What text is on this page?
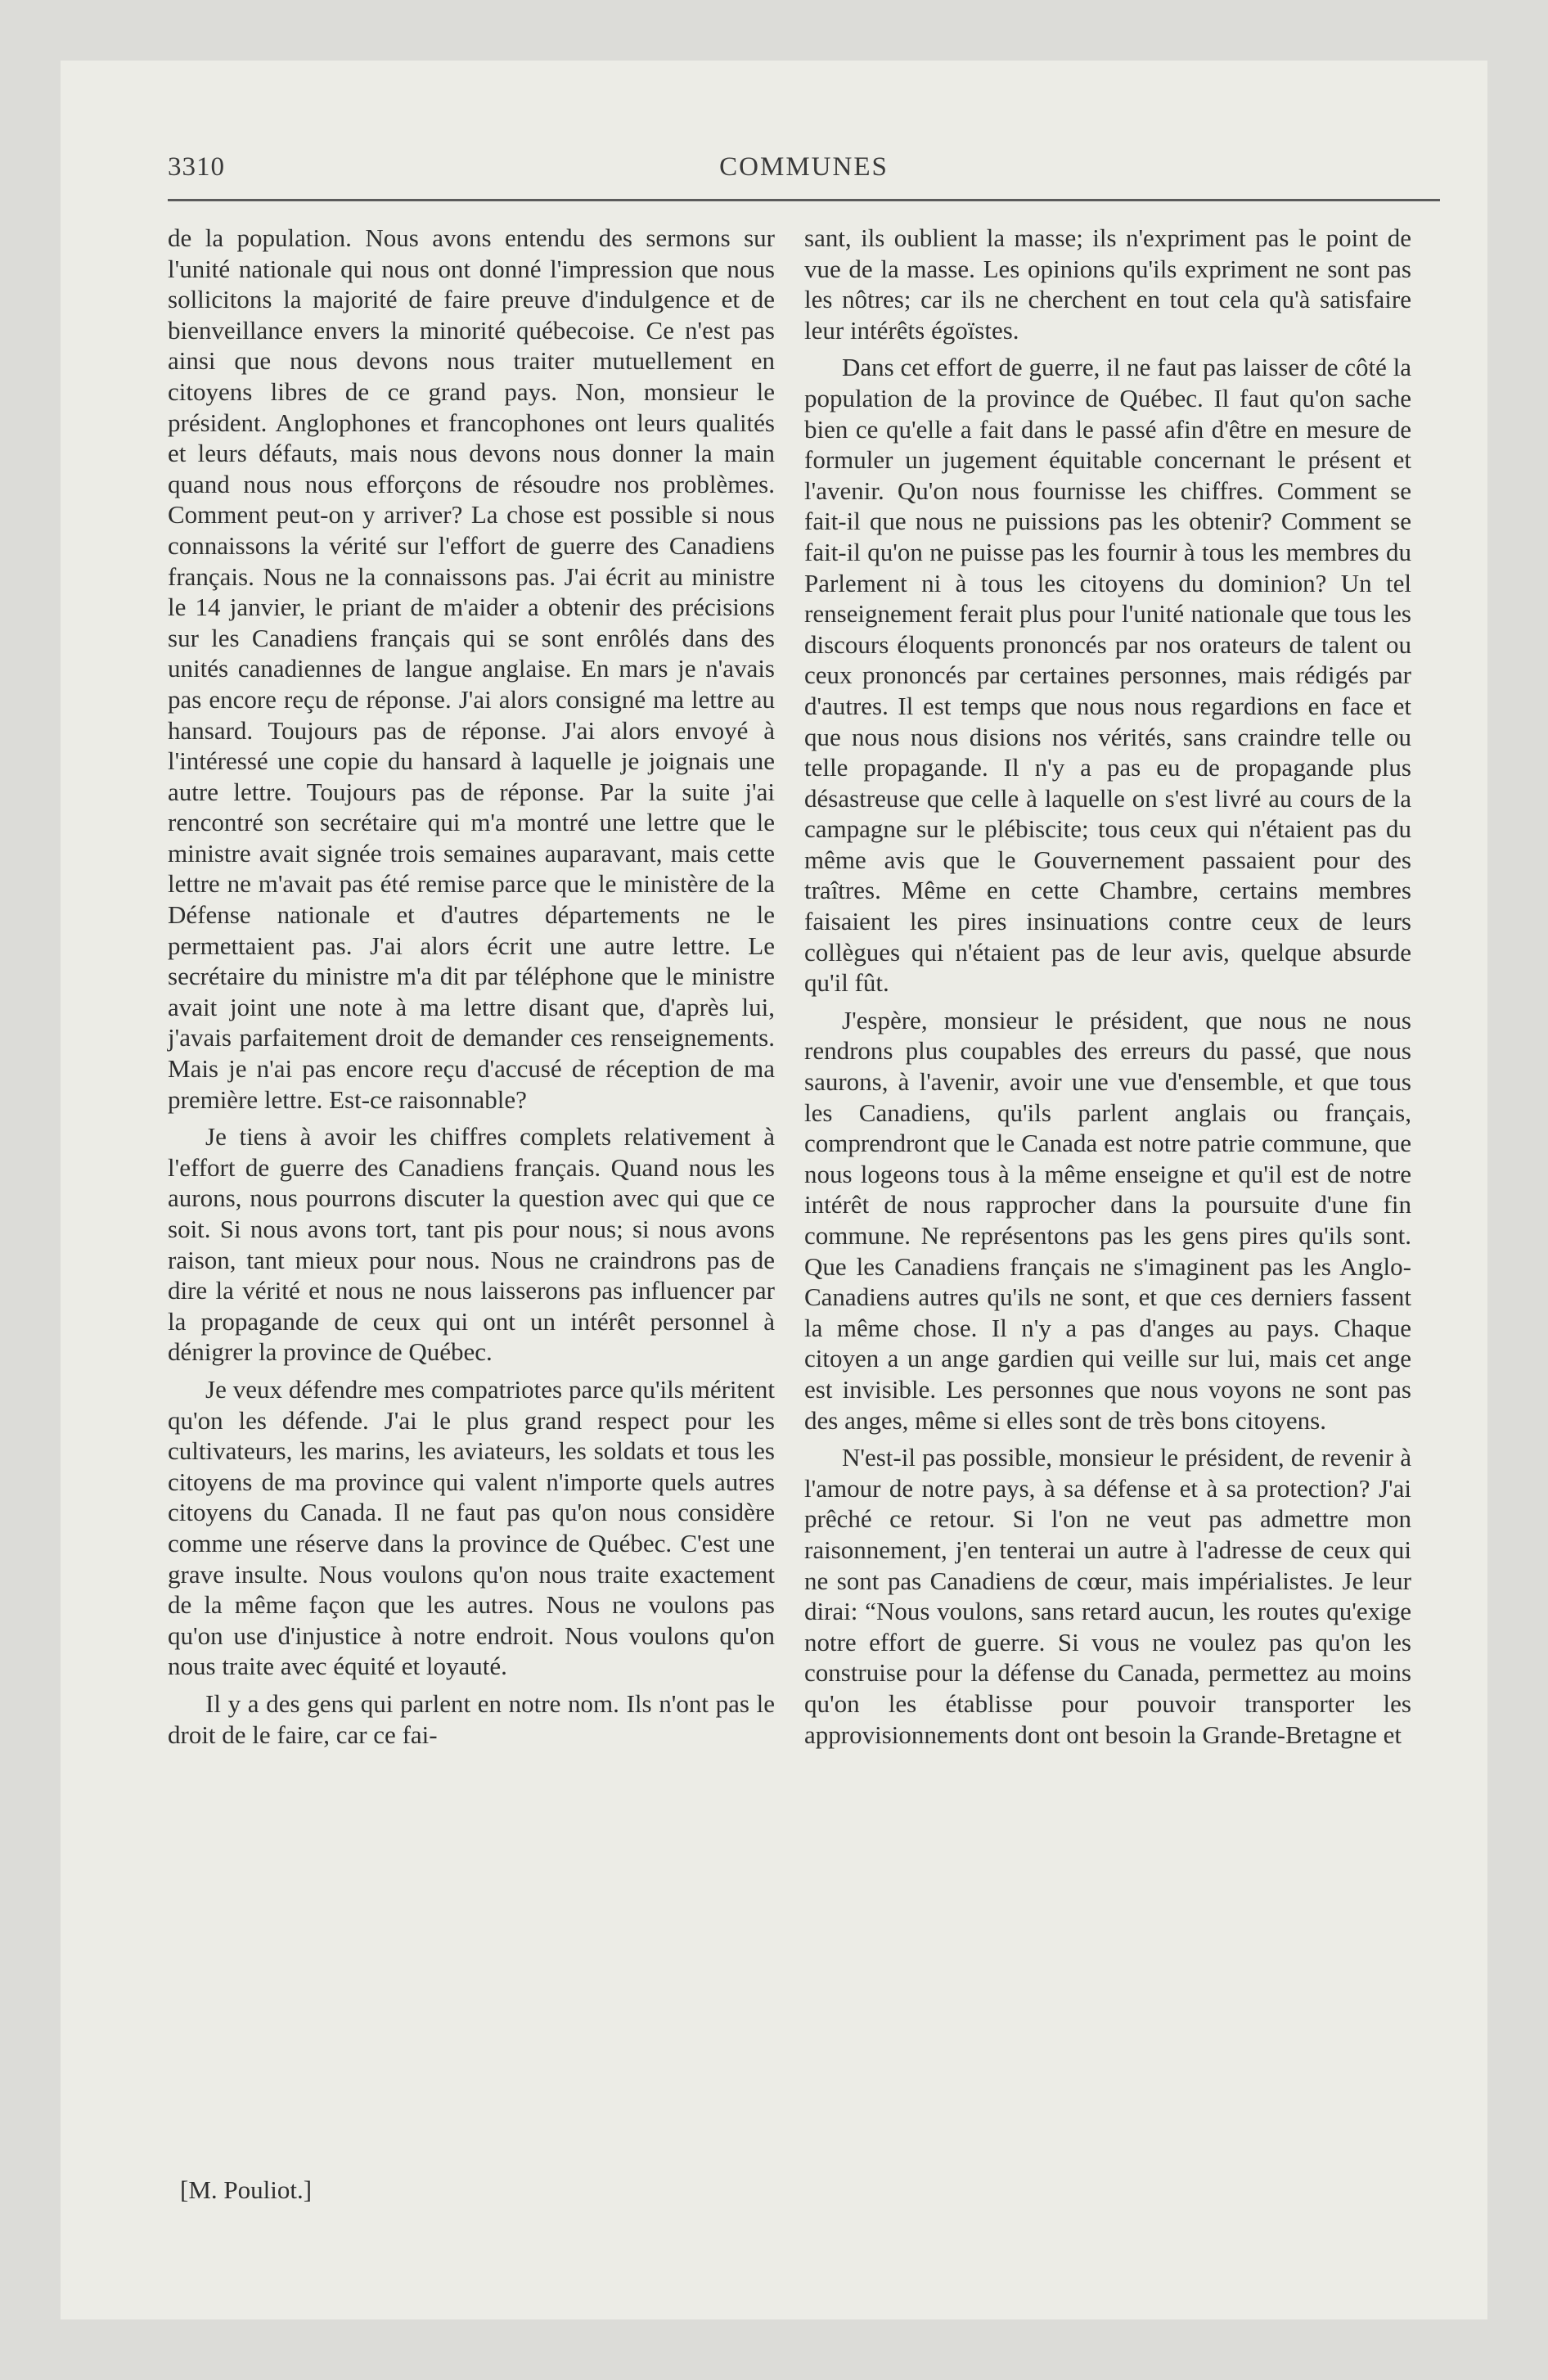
3310	COMMUNES

de la population. Nous avons entendu des sermons sur l'unité nationale qui nous ont donné l'impression que nous sollicitons la majorité de faire preuve d'indulgence et de bienveillance envers la minorité québecoise. Ce n'est pas ainsi que nous devons nous traiter mutuellement en citoyens libres de ce grand pays. Non, monsieur le président. Anglophones et francophones ont leurs qualités et leurs défauts, mais nous devons nous donner la main quand nous nous efforçons de résoudre nos problèmes. Comment peut-on y arriver? La chose est possible si nous connaissons la vérité sur l'effort de guerre des Canadiens français. Nous ne la connaissons pas. J'ai écrit au ministre le 14 janvier, le priant de m'aider a obtenir des précisions sur les Canadiens français qui se sont enrôlés dans des unités canadiennes de langue anglaise. En mars je n'avais pas encore reçu de réponse. J'ai alors consigné ma lettre au hansard. Toujours pas de réponse. J'ai alors envoyé à l'intéressé une copie du hansard à laquelle je joignais une autre lettre. Toujours pas de réponse. Par la suite j'ai rencontré son secrétaire qui m'a montré une lettre que le ministre avait signée trois semaines auparavant, mais cette lettre ne m'avait pas été remise parce que le ministère de la Défense nationale et d'autres départements ne le permettaient pas. J'ai alors écrit une autre lettre. Le secrétaire du ministre m'a dit par téléphone que le ministre avait joint une note à ma lettre disant que, d'après lui, j'avais parfaitement droit de demander ces renseignements. Mais je n'ai pas encore reçu d'accusé de réception de ma première lettre. Est-ce raisonnable?

Je tiens à avoir les chiffres complets relativement à l'effort de guerre des Canadiens français. Quand nous les aurons, nous pourrons discuter la question avec qui que ce soit. Si nous avons tort, tant pis pour nous; si nous avons raison, tant mieux pour nous. Nous ne craindrons pas de dire la vérité et nous ne nous laisserons pas influencer par la propagande de ceux qui ont un intérêt personnel à dénigrer la province de Québec.

Je veux défendre mes compatriotes parce qu'ils méritent qu'on les défende. J'ai le plus grand respect pour les cultivateurs, les marins, les aviateurs, les soldats et tous les citoyens de ma province qui valent n'importe quels autres citoyens du Canada. Il ne faut pas qu'on nous considère comme une réserve dans la province de Québec. C'est une grave insulte. Nous voulons qu'on nous traite exactement de la même façon que les autres. Nous ne voulons pas qu'on use d'injustice à notre endroit. Nous voulons qu'on nous traite avec équité et loyauté.

Il y a des gens qui parlent en notre nom. Ils n'ont pas le droit de le faire, car ce fai-

sant, ils oublient la masse; ils n'expriment pas le point de vue de la masse. Les opinions qu'ils expriment ne sont pas les nôtres; car ils ne cherchent en tout cela qu'à satisfaire leur intérêts égoïstes.

Dans cet effort de guerre, il ne faut pas laisser de côté la population de la province de Québec. Il faut qu'on sache bien ce qu'elle a fait dans le passé afin d'être en mesure de formuler un jugement équitable concernant le présent et l'avenir. Qu'on nous fournisse les chiffres. Comment se fait-il que nous ne puissions pas les obtenir? Comment se fait-il qu'on ne puisse pas les fournir à tous les membres du Parlement ni à tous les citoyens du dominion? Un tel renseignement ferait plus pour l'unité nationale que tous les discours éloquents prononcés par nos orateurs de talent ou ceux prononcés par certaines personnes, mais rédigés par d'autres. Il est temps que nous nous regardions en face et que nous nous disions nos vérités, sans craindre telle ou telle propagande. Il n'y a pas eu de propagande plus désastreuse que celle à laquelle on s'est livré au cours de la campagne sur le plébiscite; tous ceux qui n'étaient pas du même avis que le Gouvernement passaient pour des traîtres. Même en cette Chambre, certains membres faisaient les pires insinuations contre ceux de leurs collègues qui n'étaient pas de leur avis, quelque absurde qu'il fût.

J'espère, monsieur le président, que nous ne nous rendrons plus coupables des erreurs du passé, que nous saurons, à l'avenir, avoir une vue d'ensemble, et que tous les Canadiens, qu'ils parlent anglais ou français, comprendront que le Canada est notre patrie commune, que nous logeons tous à la même enseigne et qu'il est de notre intérêt de nous rapprocher dans la poursuite d'une fin commune. Ne représentons pas les gens pires qu'ils sont. Que les Canadiens français ne s'imaginent pas les Anglo-Canadiens autres qu'ils ne sont, et que ces derniers fassent la même chose. Il n'y a pas d'anges au pays. Chaque citoyen a un ange gardien qui veille sur lui, mais cet ange est invisible. Les personnes que nous voyons ne sont pas des anges, même si elles sont de très bons citoyens.

N'est-il pas possible, monsieur le président, de revenir à l'amour de notre pays, à sa défense et à sa protection? J'ai prêché ce retour. Si l'on ne veut pas admettre mon raisonnement, j'en tenterai un autre à l'adresse de ceux qui ne sont pas Canadiens de cœur, mais impérialistes. Je leur dirai: “Nous voulons, sans retard aucun, les routes qu'exige notre effort de guerre. Si vous ne voulez pas qu'on les construise pour la défense du Canada, permettez au moins qu'on les établisse pour pouvoir transporter les approvisionnements dont ont besoin la Grande-Bretagne et

[M. Pouliot.]
